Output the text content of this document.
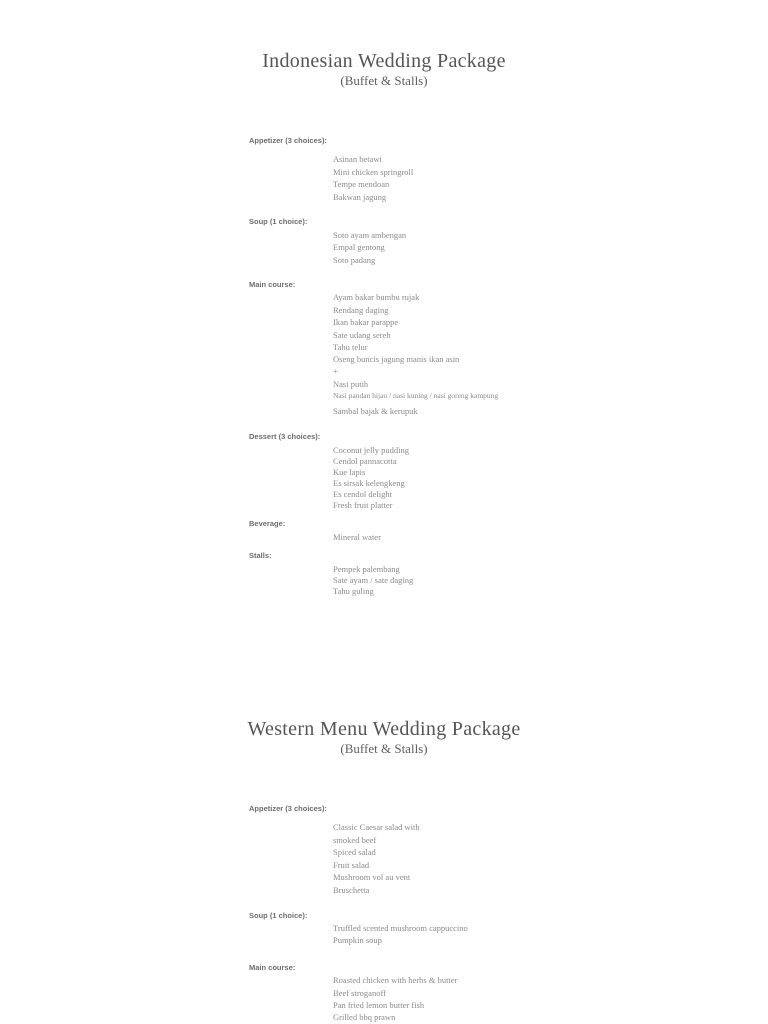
Indonesian Wedding Package
(Buffet & Stalls)
Appetizer (3 choices):
Asinan betawi
Mini chicken springroll
Tempe mendoan
Bakwan jagung
Soup (1 choice):
Soto ayam ambengan
Empal gentong
Soto padang
Main course:
Ayam bakar bumbu rujak
Rendang daging
Ikan bakar parappe
Sate udang sereh
Tahu telur
Oseng buncis jagung manis ikan asin
+
Nasi putih
Nasi pandan hijau / nasi kuning / nasi goreng kampung
Sambal bajak & kerupuk
Dessert (3 choices):
Coconut jelly pudding
Cendol pannacotta
Kue lapis
Es sirsak kelengkeng
Es cendol delight
Fresh fruit platter
Beverage:
Mineral water
Stalls:
Pempek palembang
Sate ayam / sate daging
Tahu guling
Western Menu Wedding Package
(Buffet & Stalls)
Appetizer (3 choices):
Classic Caesar salad with
smoked beef
Spiced salad
Fruit salad
Mushroom vol au vent
Bruschetta
Soup (1 choice):
Truffled scented mushroom cappuccino
Pumpkin soup
Main course:
Roasted chicken with herbs & butter
Beef stroganoff
Pan fried lemon butter fish
Grilled bbq prawn
